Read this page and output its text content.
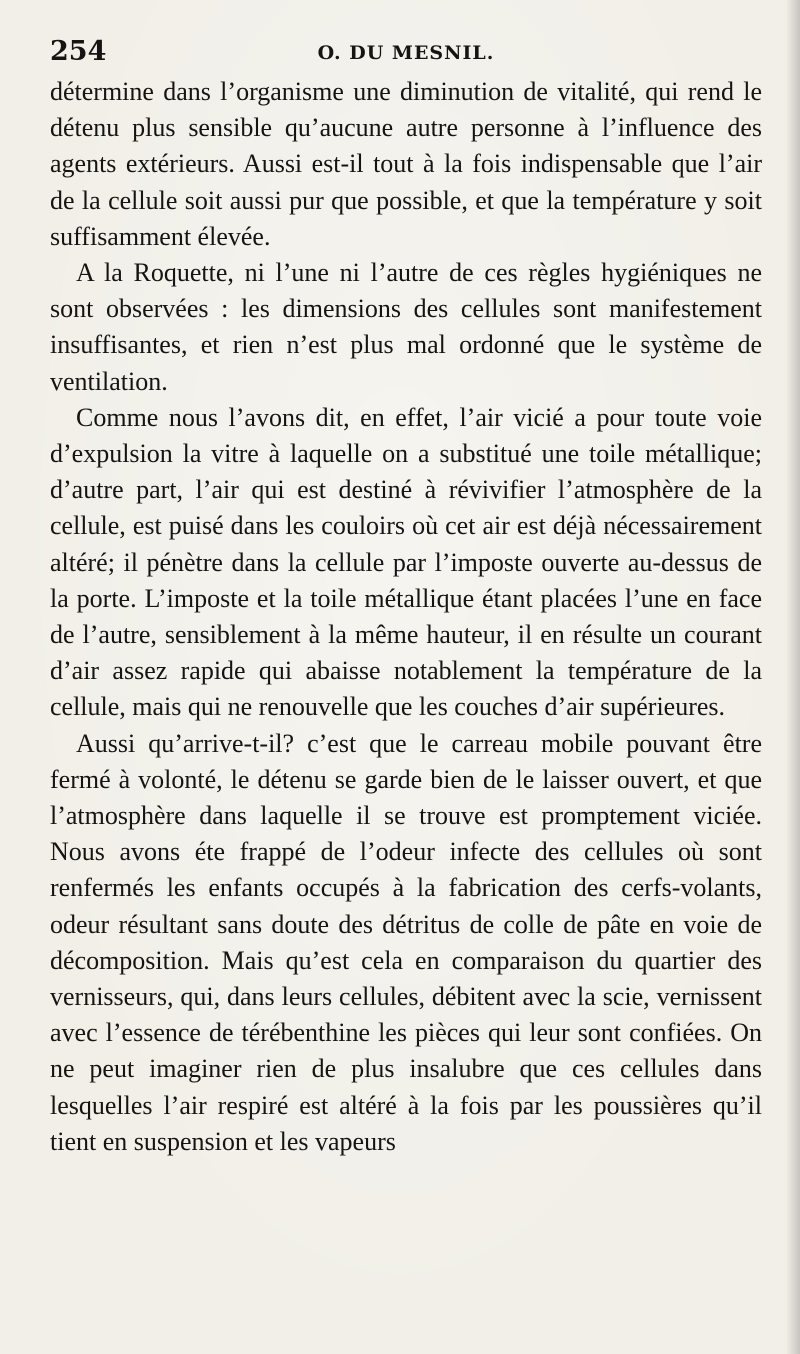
254	O. DU MESNIL.

détermine dans l’organisme une diminution de vitalité, qui rend le détenu plus sensible qu’aucune autre personne à l’influence des agents extérieurs. Aussi est-il tout à la fois indispensable que l’air de la cellule soit aussi pur que possible, et que la température y soit suffisamment élevée.

A la Roquette, ni l’une ni l’autre de ces règles hygiéniques ne sont observées : les dimensions des cellules sont manifestement insuffisantes, et rien n’est plus mal ordonné que le système de ventilation.

Comme nous l’avons dit, en effet, l’air vicié a pour toute voie d’expulsion la vitre à laquelle on a substitué une toile métallique; d’autre part, l’air qui est destiné à révivifier l’atmosphère de la cellule, est puisé dans les couloirs où cet air est déjà nécessairement altéré; il pénètre dans la cellule par l’imposte ouverte au-dessus de la porte. L’imposte et la toile métallique étant placées l’une en face de l’autre, sensiblement à la même hauteur, il en résulte un courant d’air assez rapide qui abaisse notablement la température de la cellule, mais qui ne renouvelle que les couches d’air supérieures.

Aussi qu’arrive-t-il? c’est que le carreau mobile pouvant être fermé à volonté, le détenu se garde bien de le laisser ouvert, et que l’atmosphère dans laquelle il se trouve est promptement viciée. Nous avons éte frappé de l’odeur infecte des cellules où sont renfermés les enfants occupés à la fabrication des cerfs-volants, odeur résultant sans doute des détritus de colle de pâte en voie de décomposition. Mais qu’est cela en comparaison du quartier des vernisseurs, qui, dans leurs cellules, débitent avec la scie, vernissent avec l’essence de térébenthine les pièces qui leur sont confiées. On ne peut imaginer rien de plus insalubre que ces cellules dans lesquelles l’air respiré est altéré à la fois par les poussières qu’il tient en suspension et les vapeurs
